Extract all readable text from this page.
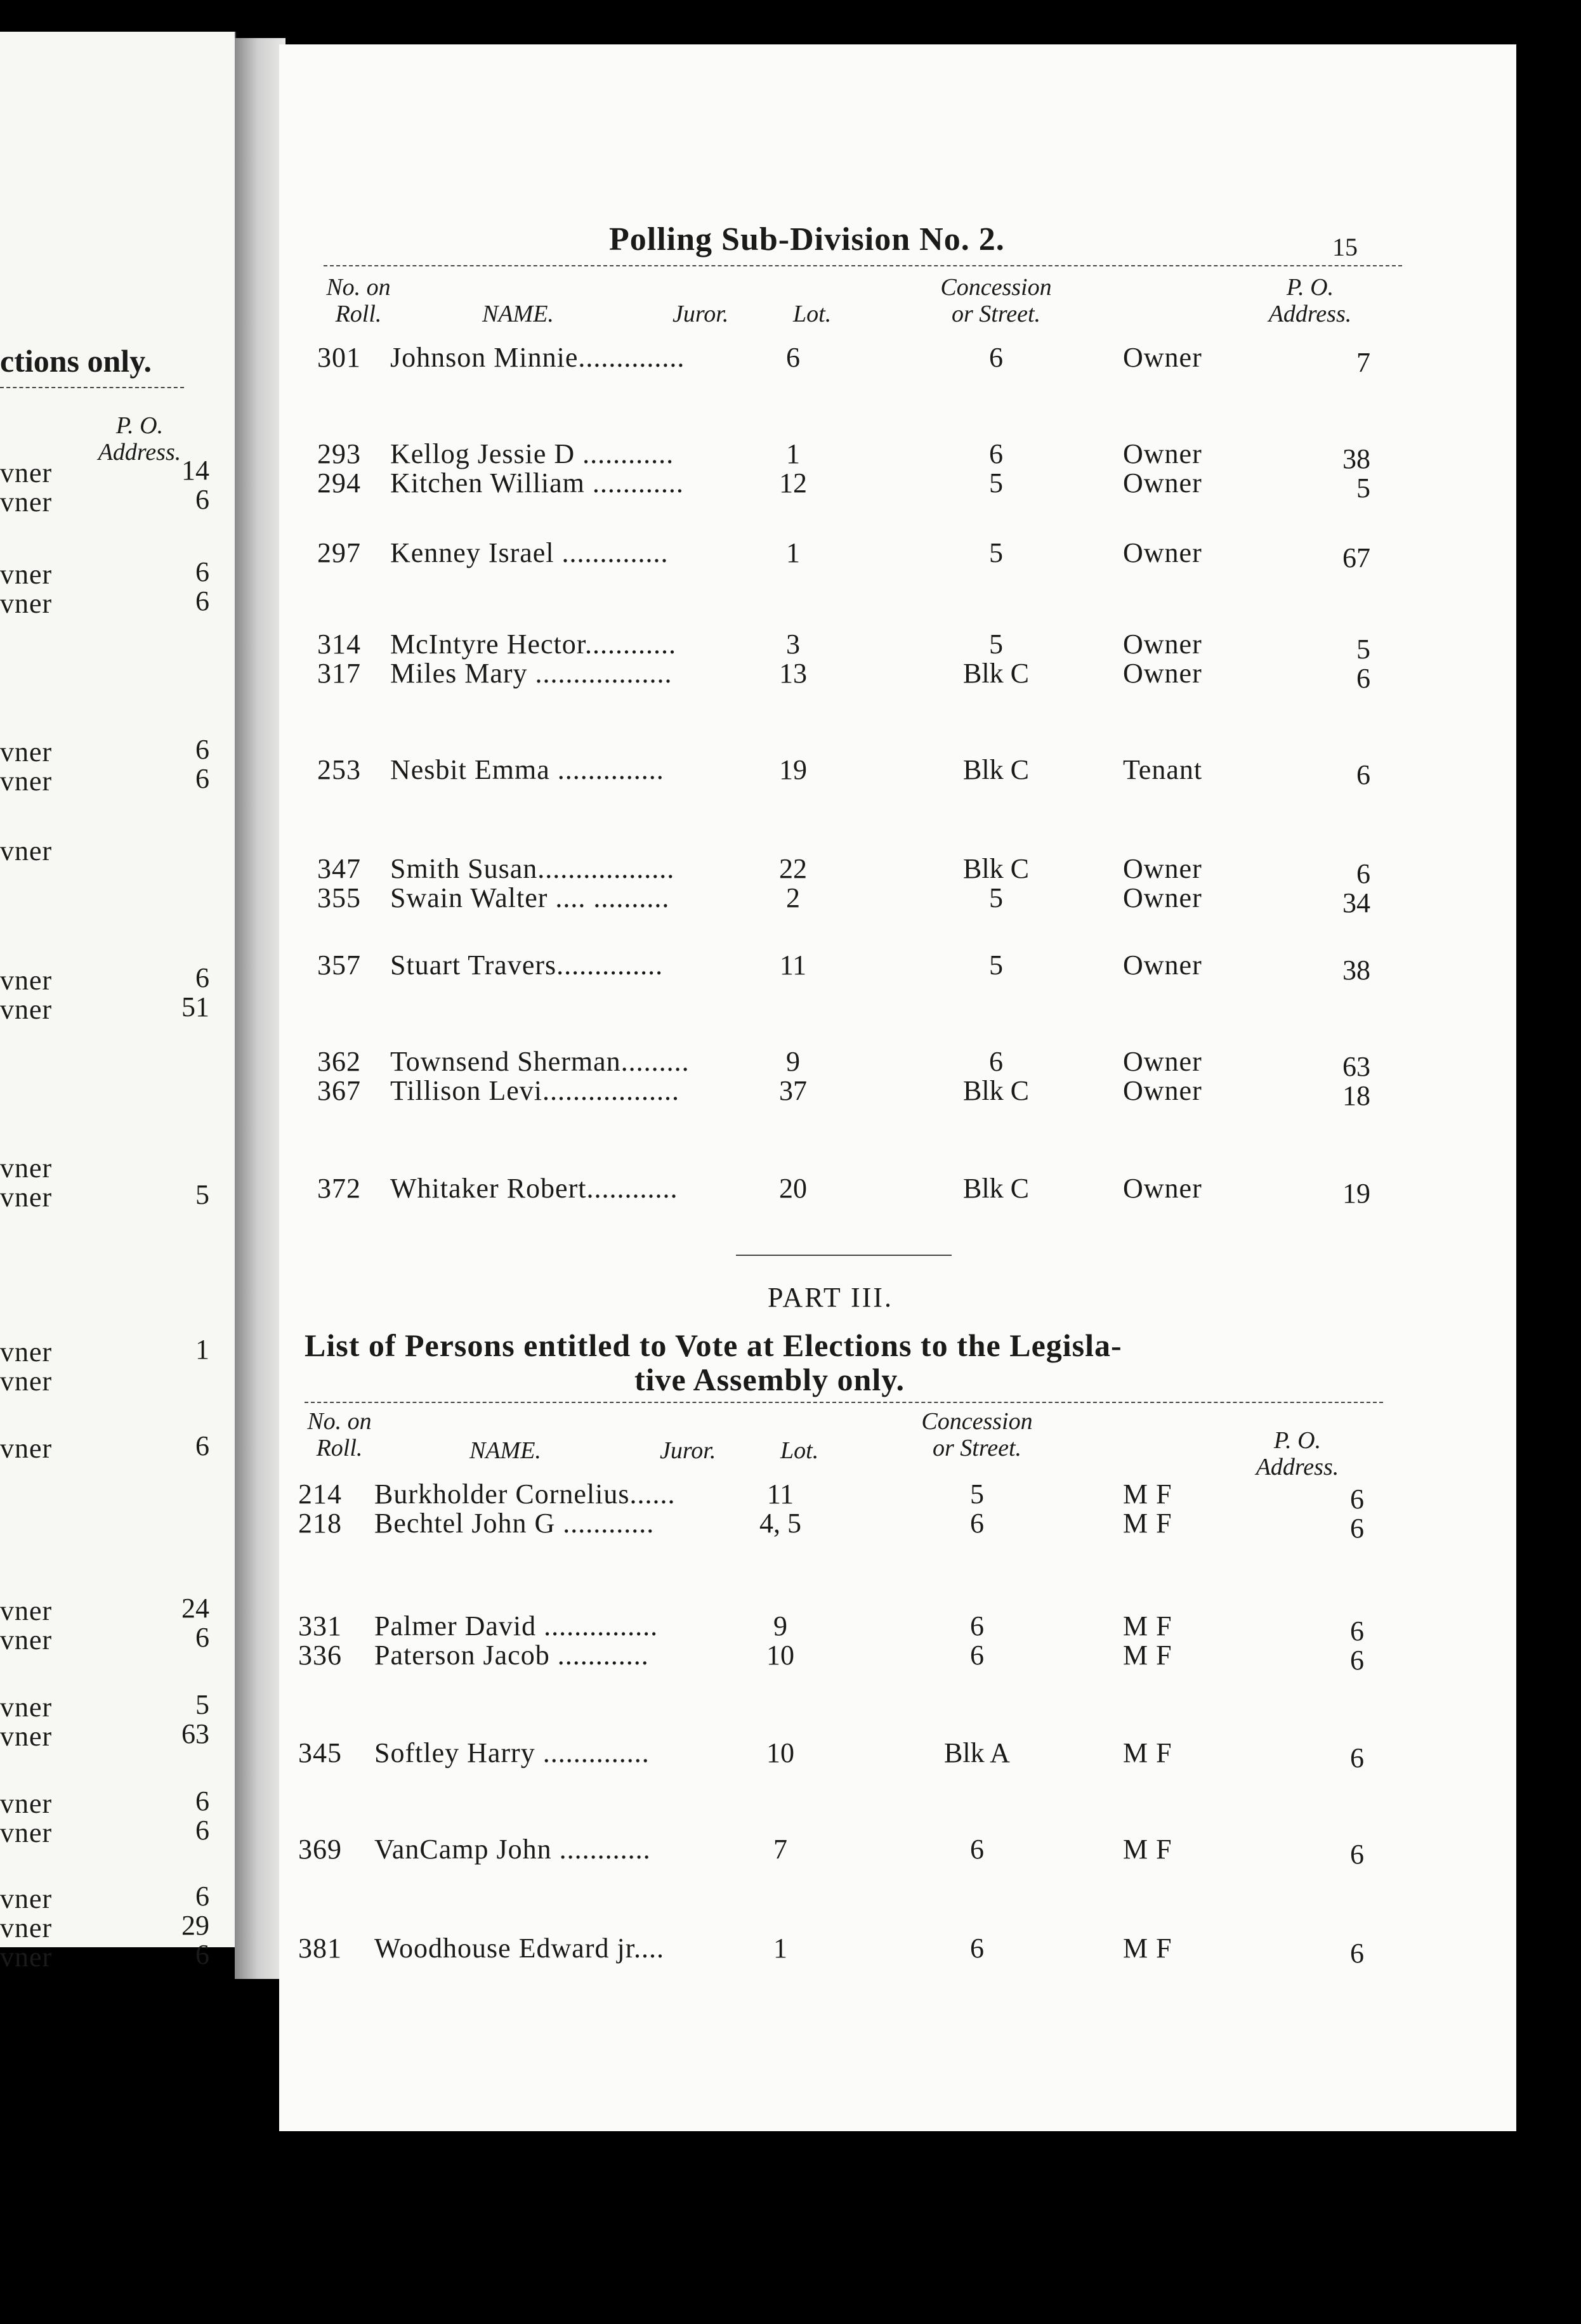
ctions only.
P. O.
Address.
vner	14
vner	6
vner	6
vner	6
vner	6
vner	6
vner
vner	6
vner	51
vner
vner	5
vner	1
vner
vner	6
vner	24
vner	6
vner	5
vner	63
vner	6
vner	6
vner	6
vner	29
vner	6
Polling Sub-Division No. 2.	15
No. on
Roll.	NAME.	Juror.	Lot.
Concession
or Street.
P. O.
Address.
301 Johnson Minnie..............	6	6	Owner	7
293 Kellog Jessie D ............	1	6	Owner	38
294 Kitchen William ............	12	5	Owner	5
297 Kenney Israel ..............	1	5	Owner	67
314 McIntyre Hector............	3	5	Owner	5
317 Miles Mary ..................	13	Blk C	Owner	6
253 Nesbit Emma ..............	19	Blk C	Tenant	6
347 Smith Susan..................	22	Blk C	Owner	6
355 Swain Walter .... ..........	2	5	Owner	34
357 Stuart Travers..............	11	5	Owner	38
362 Townsend Sherman.........	9	6	Owner	63
367 Tillison Levi..................	37	Blk C	Owner	18
372 Whitaker Robert............	20	Blk C	Owner	19
PART III.
List of Persons entitled to Vote at Elections to the Legisla-
tive Assembly only.
No. on
Roll.	NAME.	Juror.	Lot.
Concession
or Street.	P. O.
Address.
214 Burkholder Cornelius......	11	5	M F	6
218 Bechtel John G ............	4, 5	6	M F	6
331 Palmer David ...............	9	6	M F	6
336 Paterson Jacob ............	10	6	M F	6
345 Softley Harry ..............	10	Blk A	M F	6
369 VanCamp John ............	7	6	M F	6
381 Woodhouse Edward jr....	1	6	M F	6
